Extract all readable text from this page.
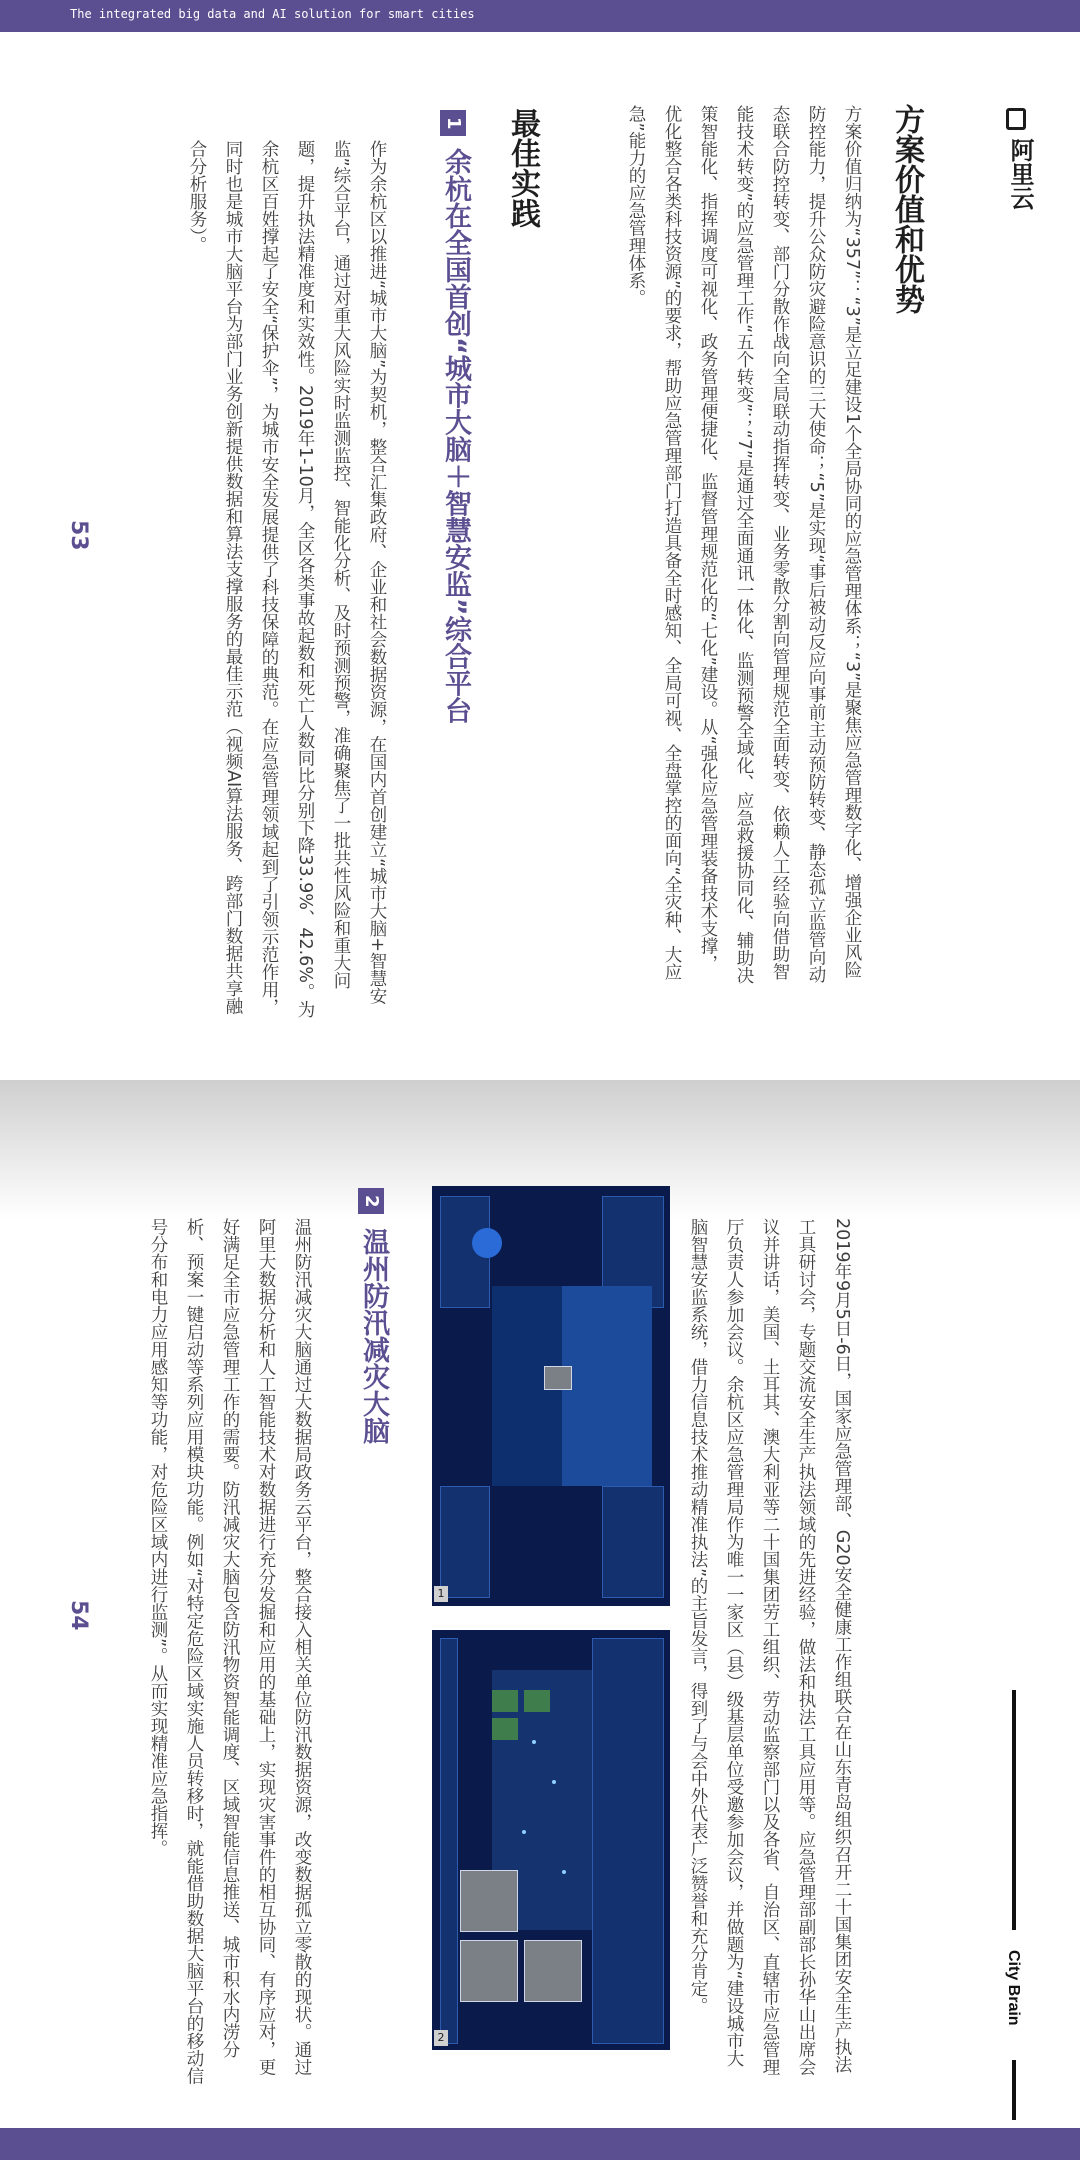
The integrated big data and AI solution for smart cities
阿里云
方案价值和优势
方案价值归纳为“357”：“3”是立足建设1个全局协同的应急管理体系；“3”是聚焦应急管理数字化、增强企业风险防控能力，提升公众防灾避险意识的三大使命；“5”是实现“事后被动反应向事前主动预防转变、静态孤立监管向动态联合防控转变、部门分散作战向全局联动指挥转变、业务零散分割向管理规范全面转变、依赖人工经验向借助智能技术转变”的应急管理工作“五个转变”；“7”是通过全面通讯一体化、监测预警全域化、应急救援协同化、辅助决策智能化、指挥调度可视化、政务管理便捷化、监督管理规范化的“七化”建设。从“强化应急管理装备技术支撑，优化整合各类科技资源”的要求，帮助应急管理部门打造具备全时感知、全局可视、全盘掌控的面向“全灾种、大应急”能力的应急管理体系。
最佳实践
1
余杭在全国首创“城市大脑＋智慧安监”综合平台
作为余杭区以推进“城市大脑”为契机，整合汇集政府、企业和社会数据资源，在国内首创建立“城市大脑+智慧安监”综合平台，通过对重大风险实时监测监控、智能化分析、及时预测预警，准确聚焦了一批共性风险和重大问题，提升执法精准度和实效性。2019年1-10月，全区各类事故起数和死亡人数同比分别下降33.9%、42.6%。为余杭区百姓撑起了安全“保护伞”，为城市安全发展提供了科技保障的典范。在应急管理领域起到了引领示范作用，同时也是城市大脑平台为部门业务创新提供数据和算法支撑服务的最佳示范（视频AI算法服务、跨部门数据共享融合分析服务）。
53
2019年9月5日-6日，国家应急管理部、G20安全健康工作组联合在山东青岛组织召开二十国集团安全生产执法工具研讨会，专题交流安全生产执法领域的先进经验，做法和执法工具应用等。应急管理部副部长孙华山出席会议并讲话，美国、土耳其、澳大利亚等二十国集团劳工组织、劳动监察部门以及各省、自治区、直辖市应急管理厅负责人参加会议。余杭区应急管理局作为唯一一家区（县）级基层单位受邀参加会议，并做题为“建设城市大脑智慧安监系统，借力信息技术推动精准执法”的主旨发言，得到了与会中外代表广泛赞誉和充分肯定。
2
温州防汛减灾大脑
温州防汛减灾大脑通过大数据局政务云平台，整合接入相关单位防汛数据资源，改变数据孤立零散的现状。通过阿里大数据分析和人工智能技术对数据进行充分发掘和应用的基础上，实现灾害事件的相互协同、有序应对，更好满足全市应急管理工作的需要。防汛减灾大脑包含防汛物资智能调度、区域智能信息推送、城市积水内涝分析、预案一键启动等系列应用模块功能。例如“对特定危险区域实施人员转移时，就能借助数据大脑平台的移动信号分布和电力应用感知等功能，对危险区域内进行监测”。从而实现精准应急指挥。
54
City Brain
1
2
